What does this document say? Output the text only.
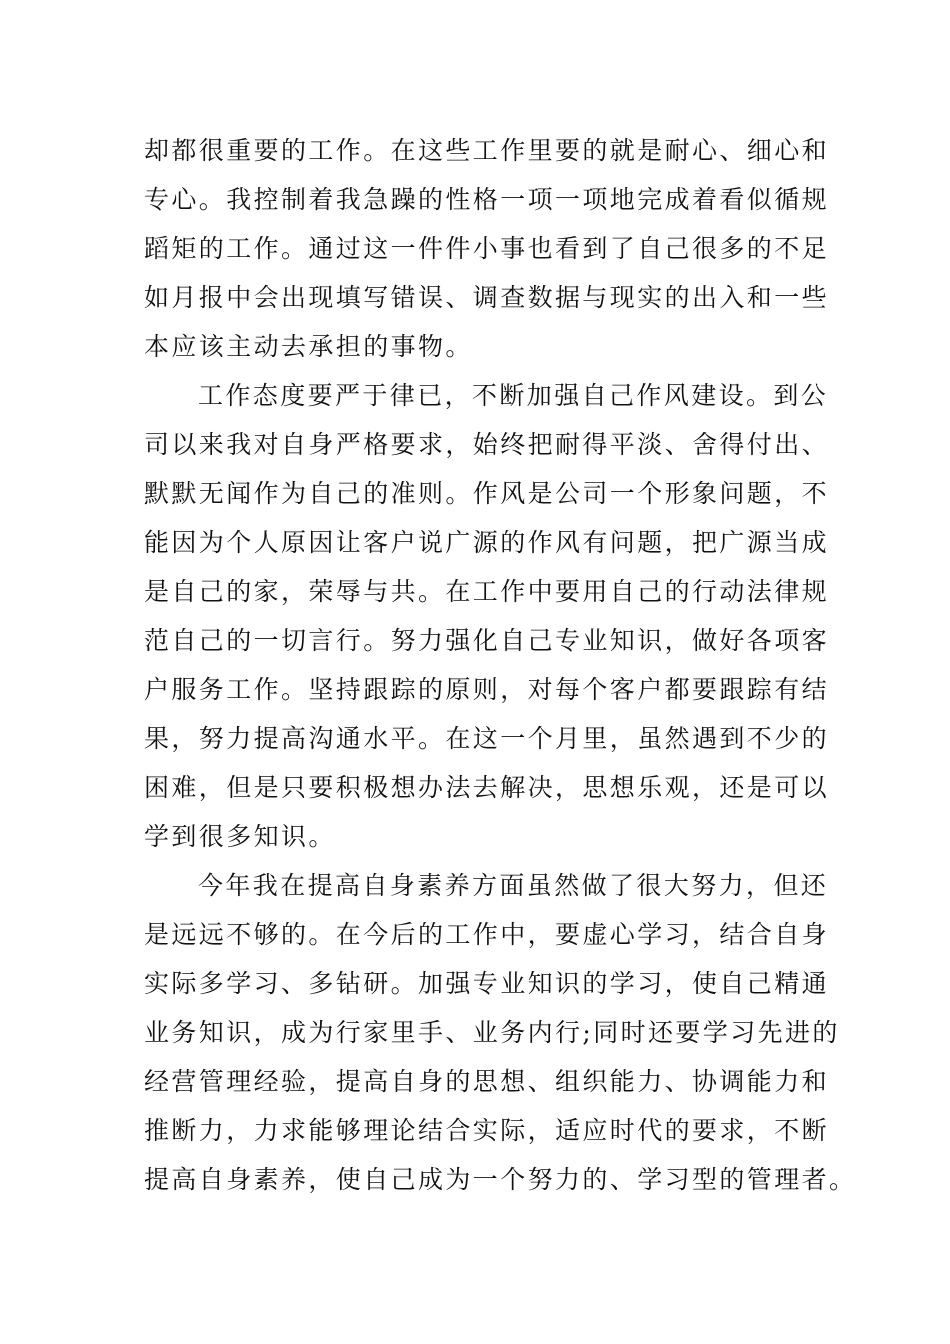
却都很重要的工作。在这些工作里要的就是耐心、细心和
专心。我控制着我急躁的性格一项一项地完成着看似循规
蹈矩的工作。通过这一件件小事也看到了自己很多的不足
如月报中会出现填写错误、调查数据与现实的出入和一些
本应该主动去承担的事物。
工作态度要严于律已，不断加强自己作风建设。到公
司以来我对自身严格要求，始终把耐得平淡、舍得付出、
默默无闻作为自己的准则。作风是公司一个形象问题，不
能因为个人原因让客户说广源的作风有问题，把广源当成
是自己的家，荣辱与共。在工作中要用自己的行动法律规
范自己的一切言行。努力强化自己专业知识，做好各项客
户服务工作。坚持跟踪的原则，对每个客户都要跟踪有结
果，努力提高沟通水平。在这一个月里，虽然遇到不少的
困难，但是只要积极想办法去解决，思想乐观，还是可以
学到很多知识。
今年我在提高自身素养方面虽然做了很大努力，但还
是远远不够的。在今后的工作中，要虚心学习，结合自身
实际多学习、多钻研。加强专业知识的学习，使自己精通
业务知识，成为行家里手、业务内行;同时还要学习先进的
经营管理经验，提高自身的思想、组织能力、协调能力和
推断力，力求能够理论结合实际，适应时代的要求，不断
提高自身素养，使自己成为一个努力的、学习型的管理者。
